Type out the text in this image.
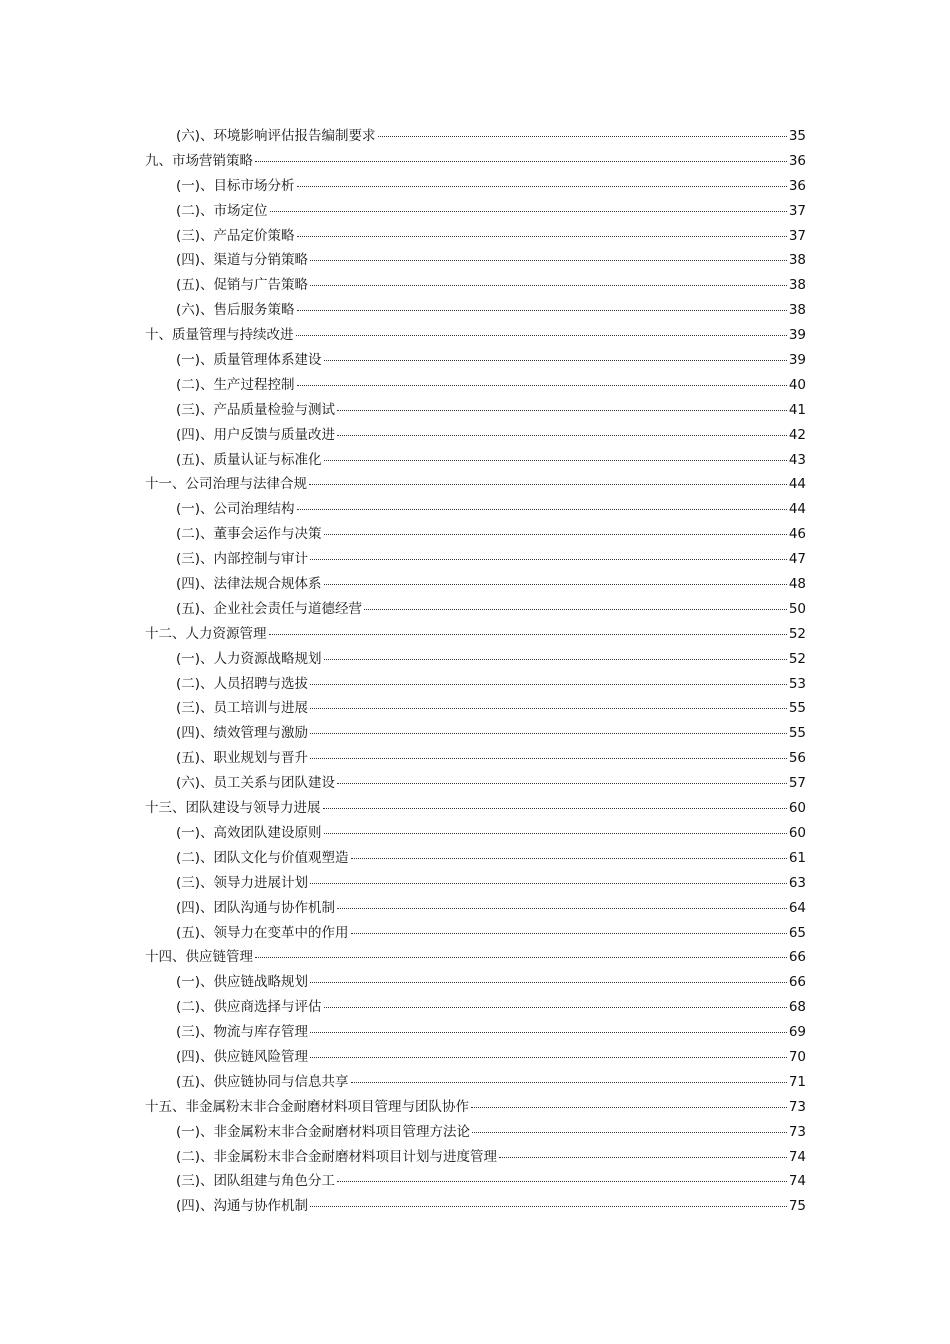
(六)、环境影响评估报告编制要求	35
九、市场营销策略	36
(一)、目标市场分析	36
(二)、市场定位	37
(三)、产品定价策略	37
(四)、渠道与分销策略	38
(五)、促销与广告策略	38
(六)、售后服务策略	38
十、质量管理与持续改进	39
(一)、质量管理体系建设	39
(二)、生产过程控制	40
(三)、产品质量检验与测试	41
(四)、用户反馈与质量改进	42
(五)、质量认证与标准化	43
十一、公司治理与法律合规	44
(一)、公司治理结构	44
(二)、董事会运作与决策	46
(三)、内部控制与审计	47
(四)、法律法规合规体系	48
(五)、企业社会责任与道德经营	50
十二、人力资源管理	52
(一)、人力资源战略规划	52
(二)、人员招聘与选拔	53
(三)、员工培训与进展	55
(四)、绩效管理与激励	55
(五)、职业规划与晋升	56
(六)、员工关系与团队建设	57
十三、团队建设与领导力进展	60
(一)、高效团队建设原则	60
(二)、团队文化与价值观塑造	61
(三)、领导力进展计划	63
(四)、团队沟通与协作机制	64
(五)、领导力在变革中的作用	65
十四、供应链管理	66
(一)、供应链战略规划	66
(二)、供应商选择与评估	68
(三)、物流与库存管理	69
(四)、供应链风险管理	70
(五)、供应链协同与信息共享	71
十五、非金属粉末非合金耐磨材料项目管理与团队协作	73
(一)、非金属粉末非合金耐磨材料项目管理方法论	73
(二)、非金属粉末非合金耐磨材料项目计划与进度管理	74
(三)、团队组建与角色分工	74
(四)、沟通与协作机制	75
